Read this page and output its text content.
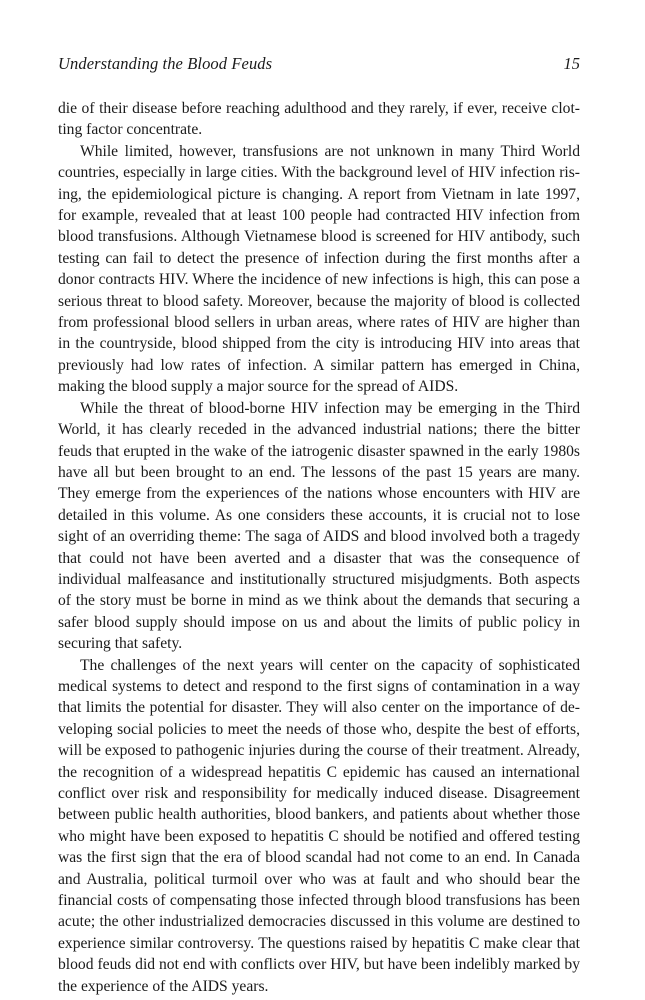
Understanding the Blood Feuds	15

die of their disease before reaching adulthood and they rarely, if ever, receive clotting factor concentrate.

While limited, however, transfusions are not unknown in many Third World countries, especially in large cities. With the background level of HIV infection rising, the epidemiological picture is changing. A report from Vietnam in late 1997, for example, revealed that at least 100 people had contracted HIV infection from blood transfusions. Although Vietnamese blood is screened for HIV antibody, such testing can fail to detect the presence of infection during the first months after a donor contracts HIV. Where the incidence of new infections is high, this can pose a serious threat to blood safety. Moreover, because the majority of blood is collected from professional blood sellers in urban areas, where rates of HIV are higher than in the countryside, blood shipped from the city is introducing HIV into areas that previously had low rates of infection. A similar pattern has emerged in China, making the blood supply a major source for the spread of AIDS.

While the threat of blood-borne HIV infection may be emerging in the Third World, it has clearly receded in the advanced industrial nations; there the bitter feuds that erupted in the wake of the iatrogenic disaster spawned in the early 1980s have all but been brought to an end. The lessons of the past 15 years are many. They emerge from the experiences of the nations whose encounters with HIV are detailed in this volume. As one considers these accounts, it is crucial not to lose sight of an overriding theme: The saga of AIDS and blood involved both a tragedy that could not have been averted and a disaster that was the consequence of individual malfeasance and institutionally structured misjudgments. Both aspects of the story must be borne in mind as we think about the demands that securing a safer blood supply should impose on us and about the limits of public policy in securing that safety.

The challenges of the next years will center on the capacity of sophisticated medical systems to detect and respond to the first signs of contamination in a way that limits the potential for disaster. They will also center on the importance of developing social policies to meet the needs of those who, despite the best of efforts, will be exposed to pathogenic injuries during the course of their treatment. Already, the recognition of a widespread hepatitis C epidemic has caused an international conflict over risk and responsibility for medically induced disease. Disagreement between public health authorities, blood bankers, and patients about whether those who might have been exposed to hepatitis C should be notified and offered testing was the first sign that the era of blood scandal had not come to an end. In Canada and Australia, political turmoil over who was at fault and who should bear the financial costs of compensating those infected through blood transfusions has been acute; the other industrialized democracies discussed in this volume are destined to experience similar controversy. The questions raised by hepatitis C make clear that blood feuds did not end with conflicts over HIV, but have been indelibly marked by the experience of the AIDS years.
